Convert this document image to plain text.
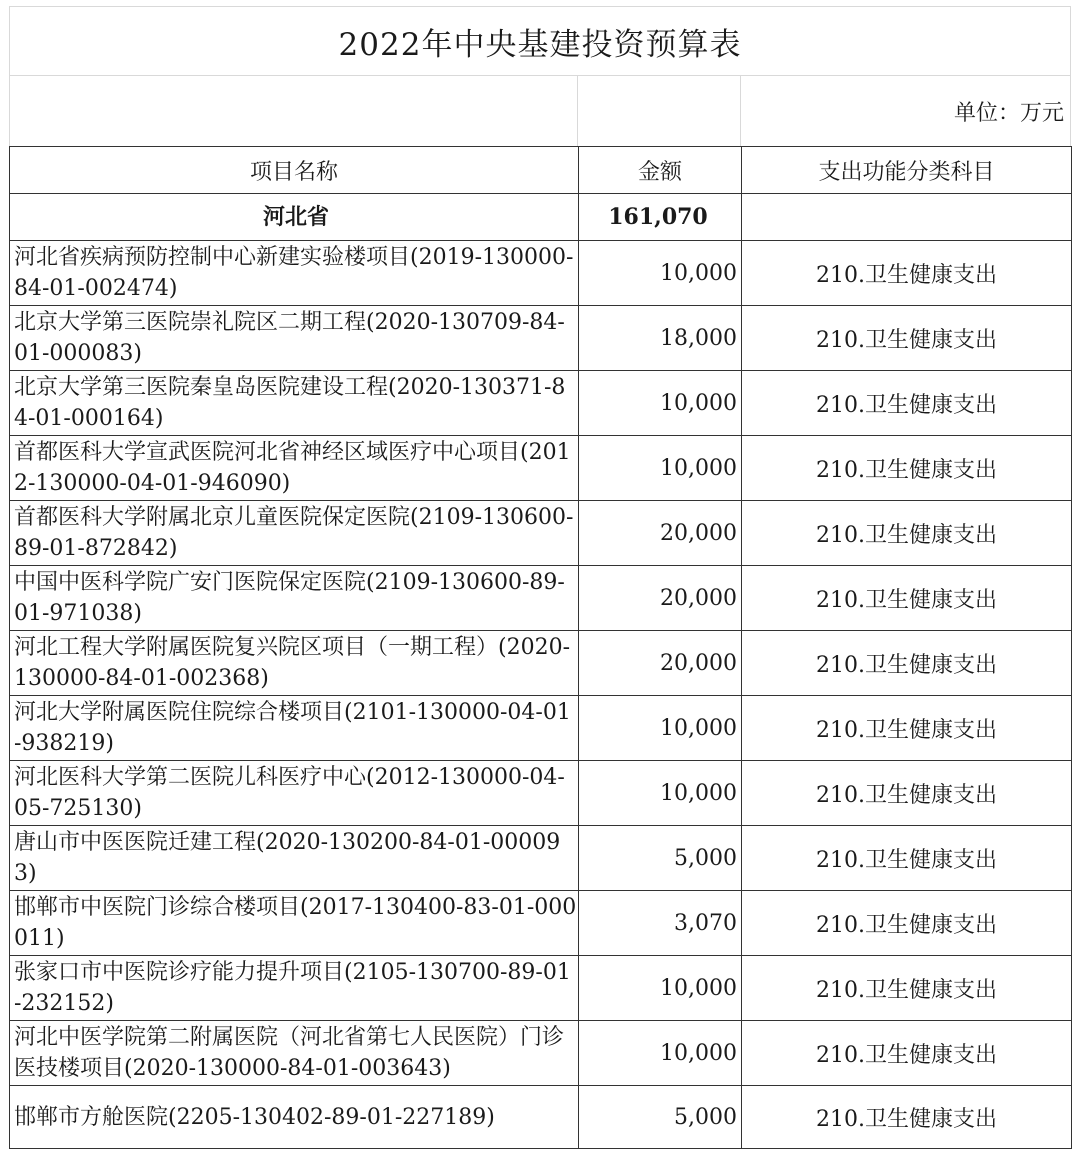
2022年中央基建投资预算表
单位：万元
项目名称	金额	支出功能分类科目
河北省	161,070	
河北省疾病预防控制中心新建实验楼项目(2019-130000-84-01-002474)	10,000	210.卫生健康支出
北京大学第三医院崇礼院区二期工程(2020-130709-84-01-000083)	18,000	210.卫生健康支出
北京大学第三医院秦皇岛医院建设工程(2020-130371-84-01-000164)	10,000	210.卫生健康支出
首都医科大学宣武医院河北省神经区域医疗中心项目(2012-130000-04-01-946090)	10,000	210.卫生健康支出
首都医科大学附属北京儿童医院保定医院(2109-130600-89-01-872842)	20,000	210.卫生健康支出
中国中医科学院广安门医院保定医院(2109-130600-89-01-971038)	20,000	210.卫生健康支出
河北工程大学附属医院复兴院区项目（一期工程）(2020-130000-84-01-002368)	20,000	210.卫生健康支出
河北大学附属医院住院综合楼项目(2101-130000-04-01-938219)	10,000	210.卫生健康支出
河北医科大学第二医院儿科医疗中心(2012-130000-04-05-725130)	10,000	210.卫生健康支出
唐山市中医医院迁建工程(2020-130200-84-01-000093)	5,000	210.卫生健康支出
邯郸市中医院门诊综合楼项目(2017-130400-83-01-000011)	3,070	210.卫生健康支出
张家口市中医院诊疗能力提升项目(2105-130700-89-01-232152)	10,000	210.卫生健康支出
河北中医学院第二附属医院（河北省第七人民医院）门诊医技楼项目(2020-130000-84-01-003643)	10,000	210.卫生健康支出
邯郸市方舱医院(2205-130402-89-01-227189)	5,000	210.卫生健康支出
